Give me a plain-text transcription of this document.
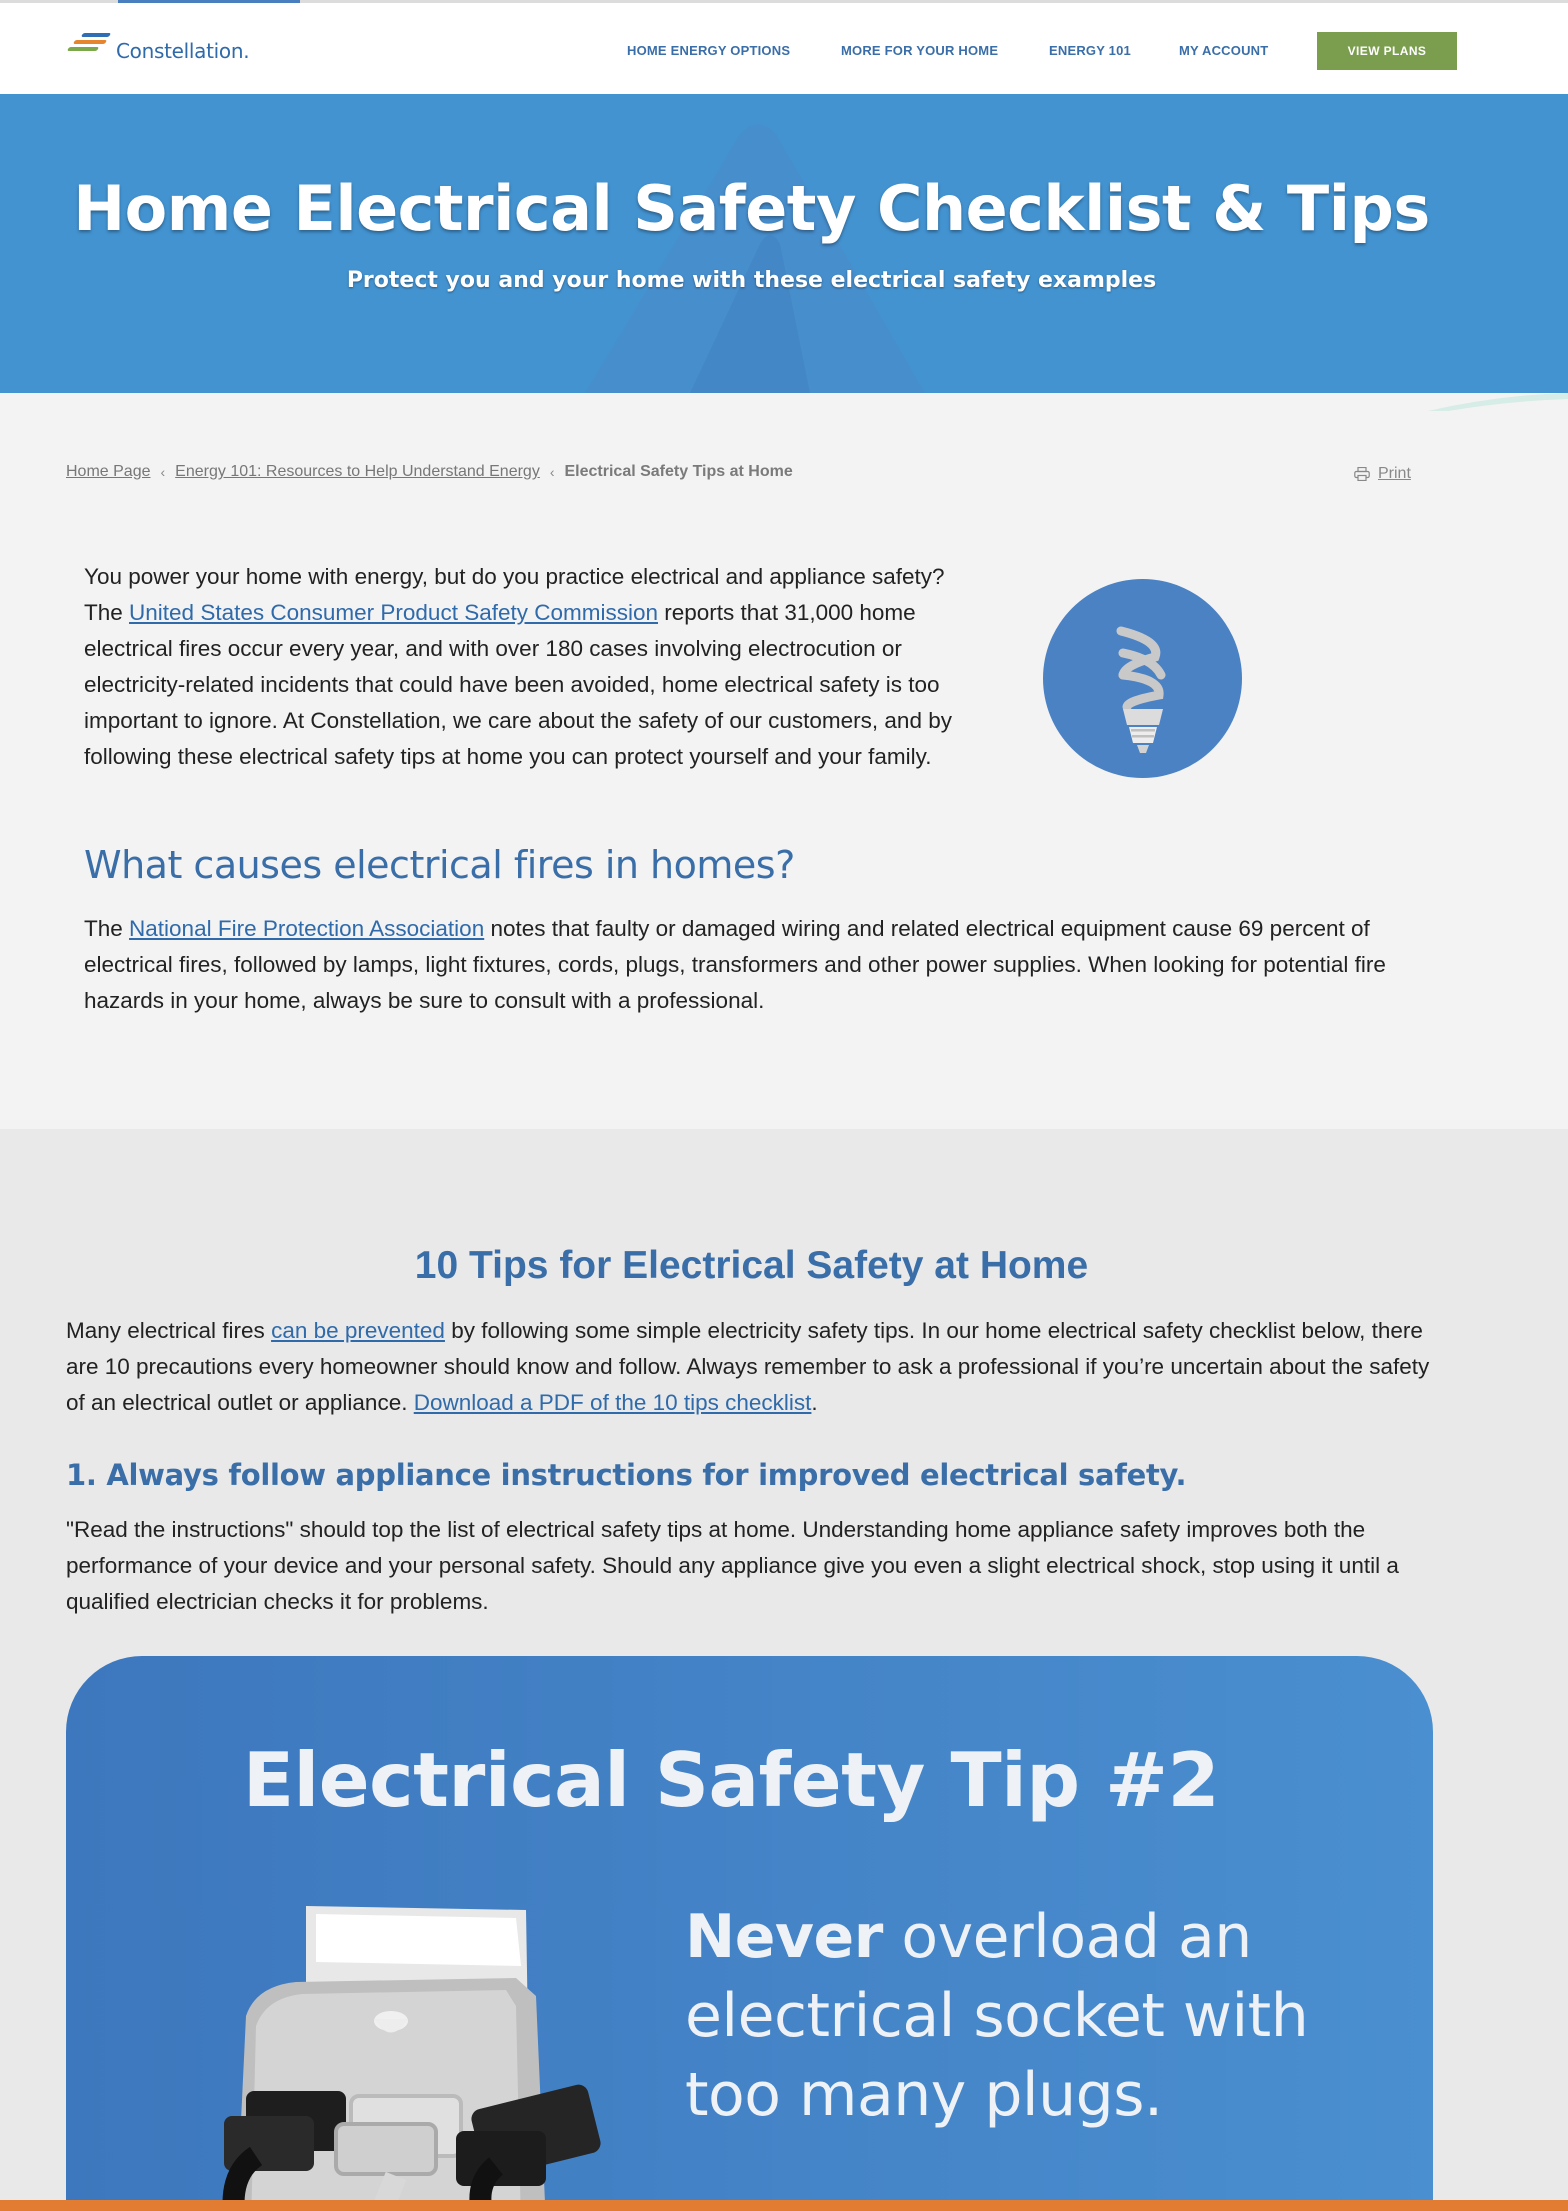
Constellation.	HOME ENERGY OPTIONS	MORE FOR YOUR HOME	ENERGY 101	MY ACCOUNT	VIEW PLANS
Home Electrical Safety Checklist & Tips
Protect you and your home with these electrical safety examples
Home Page ‹ Energy 101: Resources to Help Understand Energy ‹ Electrical Safety Tips at Home	Print

You power your home with energy, but do you practice electrical and appliance safety? The United States Consumer Product Safety Commission reports that 31,000 home electrical fires occur every year, and with over 180 cases involving electrocution or electricity-related incidents that could have been avoided, home electrical safety is too important to ignore. At Constellation, we care about the safety of our customers, and by following these electrical safety tips at home you can protect yourself and your family.

What causes electrical fires in homes?

The National Fire Protection Association notes that faulty or damaged wiring and related electrical equipment cause 69 percent of electrical fires, followed by lamps, light fixtures, cords, plugs, transformers and other power supplies. When looking for potential fire hazards in your home, always be sure to consult with a professional.

10 Tips for Electrical Safety at Home

Many electrical fires can be prevented by following some simple electricity safety tips. In our home electrical safety checklist below, there are 10 precautions every homeowner should know and follow. Always remember to ask a professional if you’re uncertain about the safety of an electrical outlet or appliance. Download a PDF of the 10 tips checklist.

1. Always follow appliance instructions for improved electrical safety.

"Read the instructions" should top the list of electrical safety tips at home. Understanding home appliance safety improves both the performance of your device and your personal safety. Should any appliance give you even a slight electrical shock, stop using it until a qualified electrician checks it for problems.

Electrical Safety Tip #2
Never overload an electrical socket with too many plugs.
